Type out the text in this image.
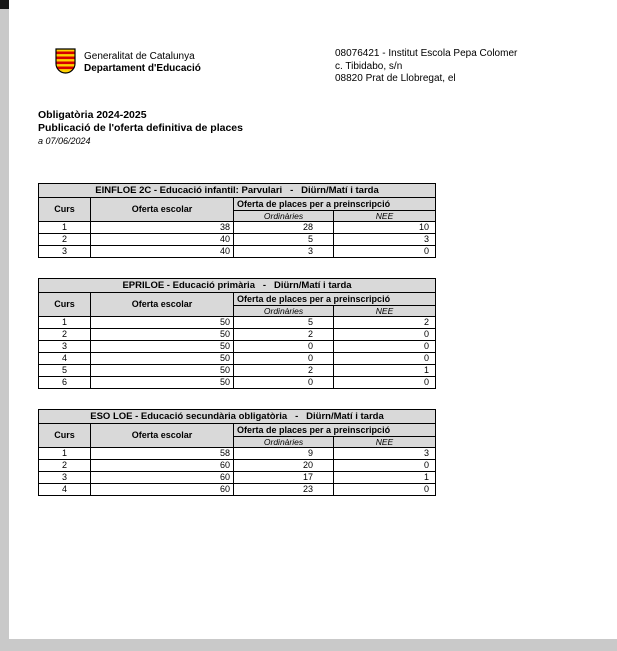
Generalitat de Catalunya
Departament d'Educació
08076421 - Institut Escola Pepa Colomer
c. Tibidabo, s/n
08820 Prat de Llobregat, el
Obligatòria 2024-2025
Publicació de l'oferta definitiva de places
a 07/06/2024
EINFLOE 2C - Educació infantil: Parvulari   -   Diürn/Matí i tarda			
Curs	Oferta escolar	Oferta de places per a preinscripció	
		Ordinàries	NEE
1	38	28	10
2	40	5	3
3	40	3	0
EPRILOE - Educació primària   -   Diürn/Matí i tarda			
Curs	Oferta escolar	Oferta de places per a preinscripció	
		Ordinàries	NEE
1	50	5	2
2	50	2	0
3	50	0	0
4	50	0	0
5	50	2	1
6	50	0	0
ESO LOE - Educació secundària obligatòria   -   Diürn/Matí i tarda			
Curs	Oferta escolar	Oferta de places per a preinscripció	
		Ordinàries	NEE
1	58	9	3
2	60	20	0
3	60	17	1
4	60	23	0
